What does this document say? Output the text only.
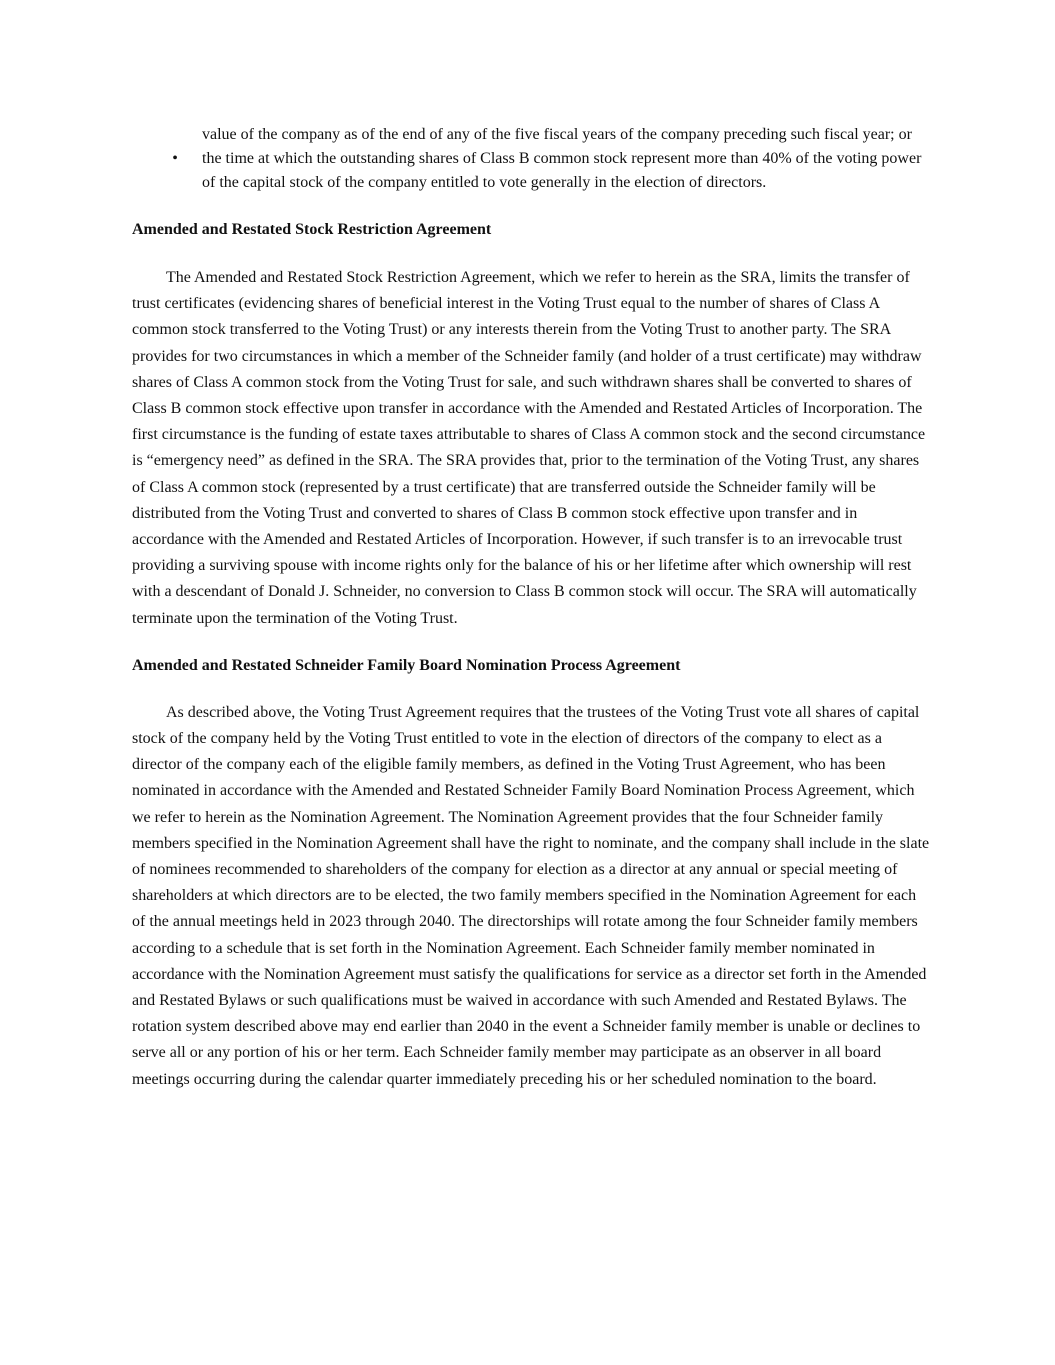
value of the company as of the end of any of the five fiscal years of the company preceding such fiscal year; or

• the time at which the outstanding shares of Class B common stock represent more than 40% of the voting power of the capital stock of the company entitled to vote generally in the election of directors.

Amended and Restated Stock Restriction Agreement

The Amended and Restated Stock Restriction Agreement, which we refer to herein as the SRA, limits the transfer of trust certificates (evidencing shares of beneficial interest in the Voting Trust equal to the number of shares of Class A common stock transferred to the Voting Trust) or any interests therein from the Voting Trust to another party. The SRA provides for two circumstances in which a member of the Schneider family (and holder of a trust certificate) may withdraw shares of Class A common stock from the Voting Trust for sale, and such withdrawn shares shall be converted to shares of Class B common stock effective upon transfer in accordance with the Amended and Restated Articles of Incorporation. The first circumstance is the funding of estate taxes attributable to shares of Class A common stock and the second circumstance is “emergency need” as defined in the SRA. The SRA provides that, prior to the termination of the Voting Trust, any shares of Class A common stock (represented by a trust certificate) that are transferred outside the Schneider family will be distributed from the Voting Trust and converted to shares of Class B common stock effective upon transfer and in accordance with the Amended and Restated Articles of Incorporation. However, if such transfer is to an irrevocable trust providing a surviving spouse with income rights only for the balance of his or her lifetime after which ownership will rest with a descendant of Donald J. Schneider, no conversion to Class B common stock will occur. The SRA will automatically terminate upon the termination of the Voting Trust.

Amended and Restated Schneider Family Board Nomination Process Agreement

As described above, the Voting Trust Agreement requires that the trustees of the Voting Trust vote all shares of capital stock of the company held by the Voting Trust entitled to vote in the election of directors of the company to elect as a director of the company each of the eligible family members, as defined in the Voting Trust Agreement, who has been nominated in accordance with the Amended and Restated Schneider Family Board Nomination Process Agreement, which we refer to herein as the Nomination Agreement. The Nomination Agreement provides that the four Schneider family members specified in the Nomination Agreement shall have the right to nominate, and the company shall include in the slate of nominees recommended to shareholders of the company for election as a director at any annual or special meeting of shareholders at which directors are to be elected, the two family members specified in the Nomination Agreement for each of the annual meetings held in 2023 through 2040. The directorships will rotate among the four Schneider family members according to a schedule that is set forth in the Nomination Agreement. Each Schneider family member nominated in accordance with the Nomination Agreement must satisfy the qualifications for service as a director set forth in the Amended and Restated Bylaws or such qualifications must be waived in accordance with such Amended and Restated Bylaws. The rotation system described above may end earlier than 2040 in the event a Schneider family member is unable or declines to serve all or any portion of his or her term. Each Schneider family member may participate as an observer in all board meetings occurring during the calendar quarter immediately preceding his or her scheduled nomination to the board.
